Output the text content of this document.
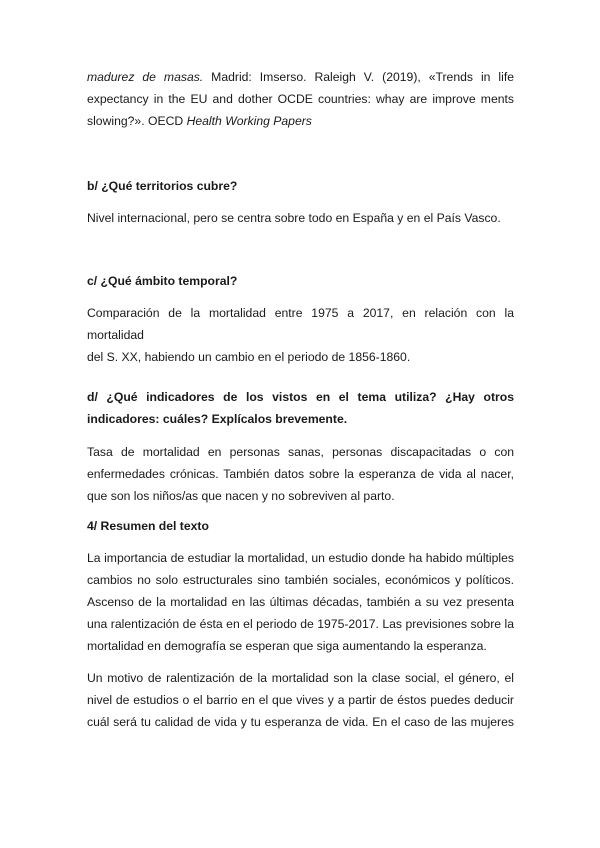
madurez de masas. Madrid: Imserso. Raleigh V. (2019), «Trends in life
expectancy in the EU and dother OCDE countries: whay are improve ments
slowing?». OECD Health Working Papers
b/ ¿Qué territorios cubre?
Nivel internacional, pero se centra sobre todo en España y en el País Vasco.
c/ ¿Qué ámbito temporal?
Comparación de la mortalidad entre 1975 a 2017, en relación con la mortalidad
del S. XX, habiendo un cambio en el periodo de 1856-1860.
d/ ¿Qué indicadores de los vistos en el tema utiliza? ¿Hay otros
indicadores: cuáles? Explícalos brevemente.
Tasa de mortalidad en personas sanas, personas discapacitadas o con
enfermedades crónicas. También datos sobre la esperanza de vida al nacer,
que son los niños/as que nacen y no sobreviven al parto.
4/ Resumen del texto
La importancia de estudiar la mortalidad, un estudio donde ha habido múltiples
cambios no solo estructurales sino también sociales, económicos y políticos.
Ascenso de la mortalidad en las últimas décadas, también a su vez presenta
una ralentización de ésta en el periodo de 1975-2017. Las previsiones sobre la
mortalidad en demografía se esperan que siga aumentando la esperanza.
Un motivo de ralentización de la mortalidad son la clase social, el género, el
nivel de estudios o el barrio en el que vives y a partir de éstos puedes deducir
cuál será tu calidad de vida y tu esperanza de vida. En el caso de las mujeres
